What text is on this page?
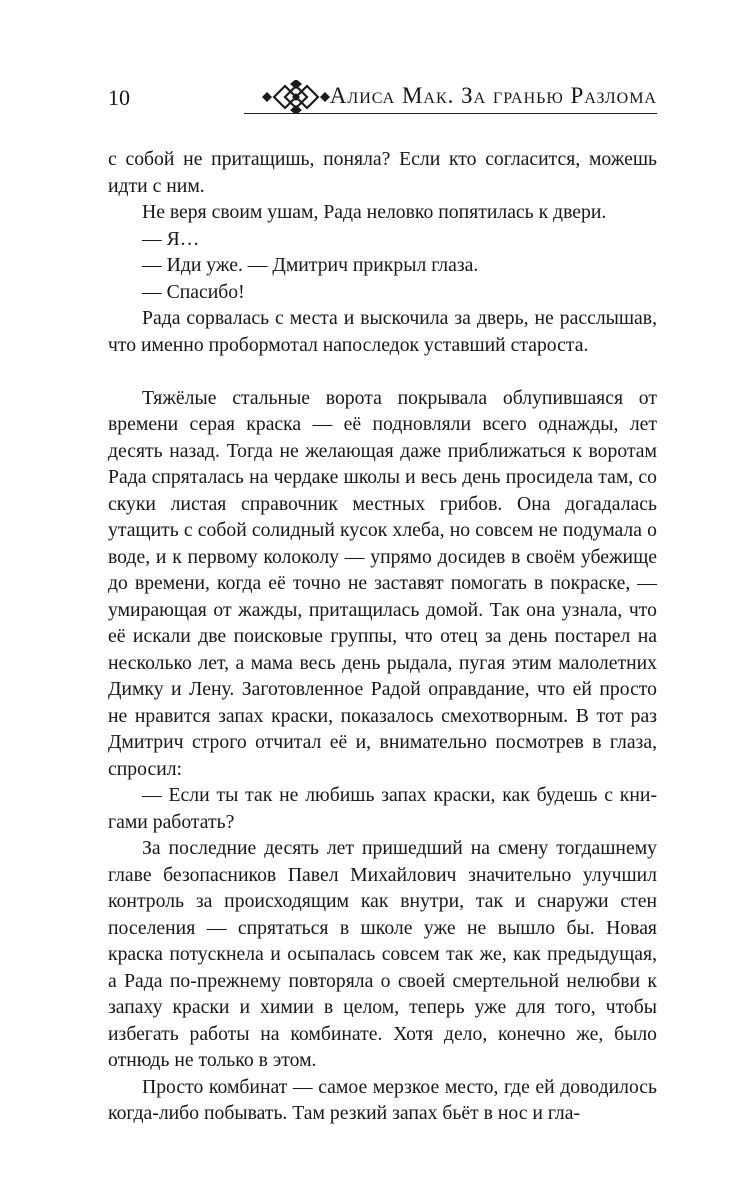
10	Алиса Мак. За гранью Разлома

с собой не притащишь, поняла? Если кто согласится, можешь идти с ним.

Не веря своим ушам, Рада неловко попятилась к двери.

— Я…

— Иди уже. — Дмитрич прикрыл глаза.

— Спасибо!

Рада сорвалась с места и выскочила за дверь, не расслышав, что именно пробормотал напоследок уставший староста.

Тяжёлые стальные ворота покрывала облупившаяся от времени серая краска — её подновляли всего однажды, лет десять назад. Тогда не желающая даже приближаться к воротам Рада спряталась на чердаке школы и весь день просидела там, со скуки листая справочник местных грибов. Она догадалась утащить с собой солидный кусок хлеба, но совсем не подумала о воде, и к первому колоколу — упрямо досидев в своём убежище до времени, когда её точно не заставят помогать в покраске, — умирающая от жажды, притащилась домой. Так она узнала, что её искали две поисковые группы, что отец за день постарел на несколько лет, а мама весь день рыдала, пугая этим малолетних Димку и Лену. Заготовленное Радой оправдание, что ей просто не нравится запах краски, показалось смехотворным. В тот раз Дмитрич строго отчитал её и, внимательно посмотрев в глаза, спросил:

— Если ты так не любишь запах краски, как будешь с книгами работать?

За последние десять лет пришедший на смену тогдашнему главе безопасников Павел Михайлович значительно улучшил контроль за происходящим как внутри, так и снаружи стен поселения — спрятаться в школе уже не вышло бы. Новая краска потускнела и осыпалась совсем так же, как предыдущая, а Рада по-прежнему повторяла о своей смертельной нелюбви к запаху краски и химии в целом, теперь уже для того, чтобы избегать работы на комбинате. Хотя дело, конечно же, было отнюдь не только в этом.

Просто комбинат — самое мерзкое место, где ей доводилось когда-либо побывать. Там резкий запах бьёт в нос и гла-
